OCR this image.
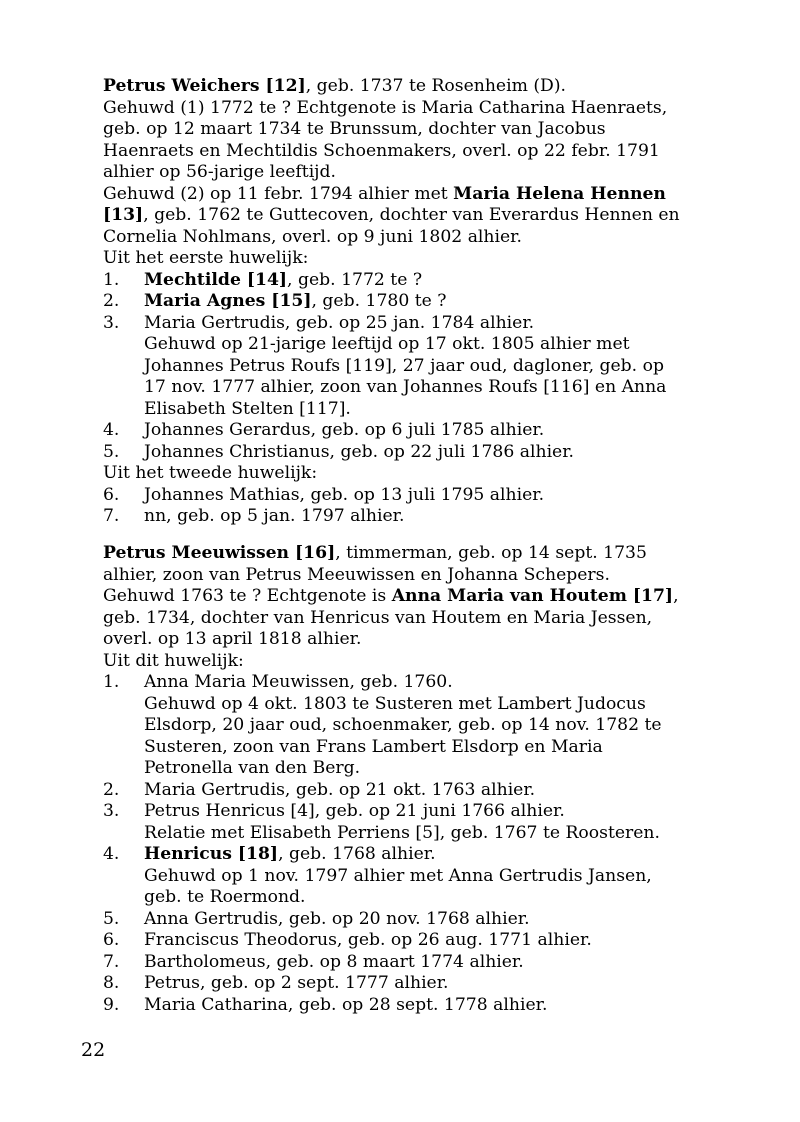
Petrus Weichers [12], geb. 1737 te Rosenheim (D).
Gehuwd (1) 1772 te ? Echtgenote is Maria Catharina Haenraets,
geb. op 12 maart 1734 te Brunssum, dochter van Jacobus
Haenraets en Mechtildis Schoenmakers, overl. op 22 febr. 1791
alhier op 56-jarige leeftijd.
Gehuwd (2) op 11 febr. 1794 alhier met Maria Helena Hennen
[13], geb. 1762 te Guttecoven, dochter van Everardus Hennen en
Cornelia Nohlmans, overl. op 9 juni 1802 alhier.
Uit het eerste huwelijk:
1. Mechtilde [14], geb. 1772 te ?
2. Maria Agnes [15], geb. 1780 te ?
3. Maria Gertrudis, geb. op 25 jan. 1784 alhier.
Gehuwd op 21-jarige leeftijd op 17 okt. 1805 alhier met
Johannes Petrus Roufs [119], 27 jaar oud, dagloner, geb. op
17 nov. 1777 alhier, zoon van Johannes Roufs [116] en Anna
Elisabeth Stelten [117].
4. Johannes Gerardus, geb. op 6 juli 1785 alhier.
5. Johannes Christianus, geb. op 22 juli 1786 alhier.
Uit het tweede huwelijk:
6. Johannes Mathias, geb. op 13 juli 1795 alhier.
7. nn, geb. op 5 jan. 1797 alhier.
Petrus Meeuwissen [16], timmerman, geb. op 14 sept. 1735
alhier, zoon van Petrus Meeuwissen en Johanna Schepers.
Gehuwd 1763 te ? Echtgenote is Anna Maria van Houtem [17],
geb. 1734, dochter van Henricus van Houtem en Maria Jessen,
overl. op 13 april 1818 alhier.
Uit dit huwelijk:
1. Anna Maria Meuwissen, geb. 1760.
Gehuwd op 4 okt. 1803 te Susteren met Lambert Judocus
Elsdorp, 20 jaar oud, schoenmaker, geb. op 14 nov. 1782 te
Susteren, zoon van Frans Lambert Elsdorp en Maria
Petronella van den Berg.
2. Maria Gertrudis, geb. op 21 okt. 1763 alhier.
3. Petrus Henricus [4], geb. op 21 juni 1766 alhier.
Relatie met Elisabeth Perriens [5], geb. 1767 te Roosteren.
4. Henricus [18], geb. 1768 alhier.
Gehuwd op 1 nov. 1797 alhier met Anna Gertrudis Jansen,
geb. te Roermond.
5. Anna Gertrudis, geb. op 20 nov. 1768 alhier.
6. Franciscus Theodorus, geb. op 26 aug. 1771 alhier.
7. Bartholomeus, geb. op 8 maart 1774 alhier.
8. Petrus, geb. op 2 sept. 1777 alhier.
9. Maria Catharina, geb. op 28 sept. 1778 alhier.
22
